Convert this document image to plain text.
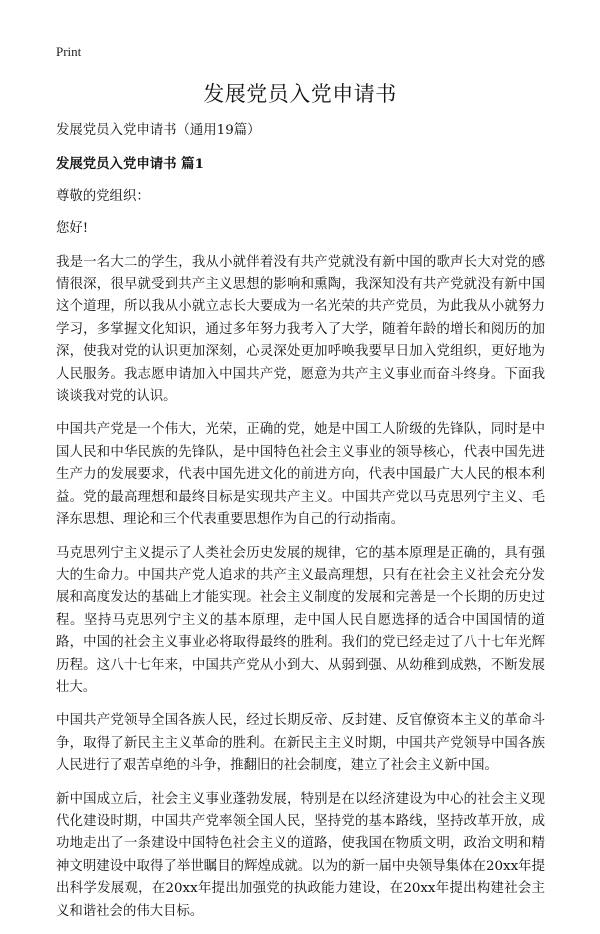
Print
发展党员入党申请书

发展党员入党申请书（通用19篇）

发展党员入党申请书 篇1

尊敬的党组织：

您好!

我是一名大二的学生，我从小就伴着没有共产党就没有新中国的歌声长大对党的感情很深，很早就受到共产主义思想的影响和熏陶，我深知没有共产党就没有新中国这个道理，所以我从小就立志长大要成为一名光荣的共产党员，为此我从小就努力学习，多掌握文化知识，通过多年努力我考入了大学，随着年龄的增长和阅历的加深，使我对党的认识更加深刻，心灵深处更加呼唤我要早日加入党组织，更好地为人民服务。我志愿申请加入中国共产党，愿意为共产主义事业而奋斗终身。下面我谈谈我对党的认识。

中国共产党是一个伟大，光荣，正确的党，她是中国工人阶级的先锋队，同时是中国人民和中华民族的先锋队，是中国特色社会主义事业的领导核心，代表中国先进生产力的发展要求，代表中国先进文化的前进方向，代表中国最广大人民的根本利益。党的最高理想和最终目标是实现共产主义。中国共产党以马克思列宁主义、毛泽东思想、理论和三个代表重要思想作为自己的行动指南。

马克思列宁主义提示了人类社会历史发展的规律，它的基本原理是正确的，具有强大的生命力。中国共产党人追求的共产主义最高理想，只有在社会主义社会充分发展和高度发达的基础上才能实现。社会主义制度的发展和完善是一个长期的历史过程。坚持马克思列宁主义的基本原理，走中国人民自愿选择的适合中国国情的道路，中国的社会主义事业必将取得最终的胜利。我们的党已经走过了八十七年光辉历程。这八十七年来，中国共产党从小到大、从弱到强、从幼稚到成熟，不断发展壮大。

中国共产党领导全国各族人民，经过长期反帝、反封建、反官僚资本主义的革命斗争，取得了新民主主义革命的胜利。在新民主主义时期，中国共产党领导中国各族人民进行了艰苦卓绝的斗争，推翻旧的社会制度，建立了社会主义新中国。

新中国成立后，社会主义事业蓬勃发展，特别是在以经济建设为中心的社会主义现代化建设时期，中国共产党率领全国人民，坚持党的基本路线，坚持改革开放，成功地走出了一条建设中国特色社会主义的道路，使我国在物质文明，政治文明和精神文明建设中取得了举世瞩目的辉煌成就。以为的新一届中央领导集体在20xx年提出科学发展观，在20xx年提出加强党的执政能力建设，在20xx年提出构建社会主义和谐社会的伟大目标。
